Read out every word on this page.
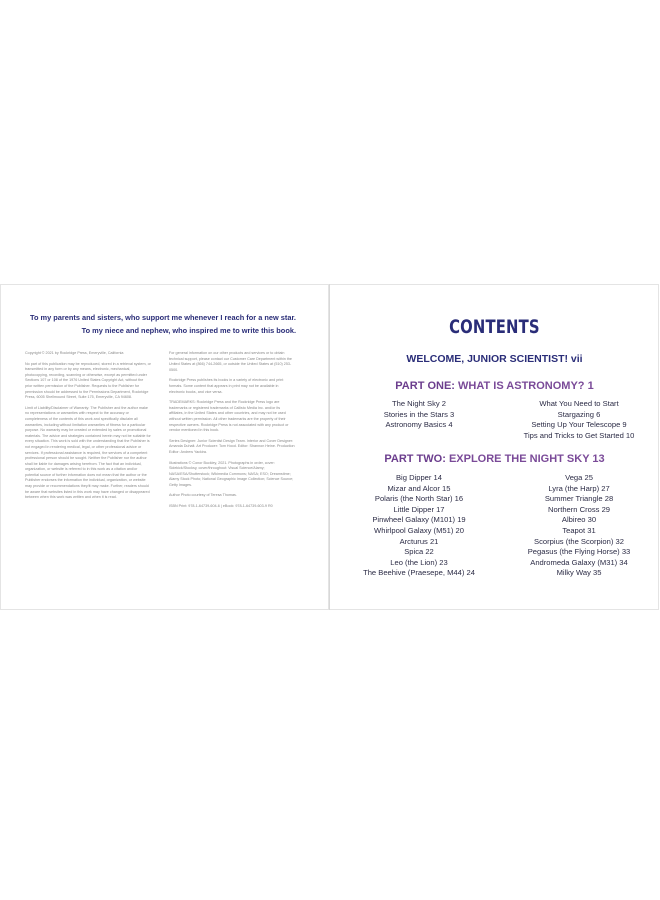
To my parents and sisters, who support me whenever I reach for a new star. To my niece and nephew, who inspired me to write this book.
Copyright © 2021 by Rockridge Press, Emeryville, California
No part of this publication may be reproduced, stored in a retrieval system, or transmitted in any form or by any means, electronic, mechanical, photocopying, recording, scanning or otherwise, except as permitted under Sections 107 or 108 of the 1976 United States Copyright Act, without the prior written permission of the Publisher. Requests to the Publisher for permission should be addressed to the Permissions Department, Rockridge Press, 6005 Shellmound Street, Suite 175, Emeryville, CA 94608.
Limit of Liability/Disclaimer of Warranty: The Publisher and the author make no representations or warranties with respect to the accuracy or completeness of the contents of this work and specifically disclaim all warranties, including without limitation warranties of fitness for a particular purpose. No warranty may be created or extended by sales or promotional materials. The advice and strategies contained herein may not be suitable for every situation. This work is sold with the understanding that the Publisher is not engaged in rendering medical, legal, or other professional advice or services. If professional assistance is required, the services of a competent professional person should be sought. Neither the Publisher nor the author shall be liable for damages arising herefrom. The fact that an individual, organization, or website is referred to in this work as a citation and/or potential source of further information does not mean that the author or the Publisher endorses the information the individual, organization, or website may provide or recommendations they/it may make. Further, readers should be aware that websites listed in this work may have changed or disappeared between when this work was written and when it is read.
For general information on our other products and services or to obtain technical support, please contact our Customer Care Department within the United States at (866) 744-2665, or outside the United States at (510) 253-0500.
Rockridge Press publishes its books in a variety of electronic and print formats. Some content that appears in print may not be available in electronic books, and vice versa.
TRADEMARKS: Rockridge Press and the Rockridge Press logo are trademarks or registered trademarks of Callisto Media Inc. and/or its affiliates, in the United States and other countries, and may not be used without written permission. All other trademarks are the property of their respective owners. Rockridge Press is not associated with any product or vendor mentioned in this book.
Series Designer: Junior Scientist Design Team. Interior and Cover Designer: Amanda Duhalt. Art Producer: Tom Hood. Editor: Shannon Heine. Production Editor: Andrew Yackira.
Illustrations © Conor Buckley, 2021. Photographs in order, cover: Sidekick/Stocksy, cover/throughout: Visual Science/Alamy; NASA/ESA/Shutterstock; Wikimedia Commons; NASA; ESO; Dreamstime; Alamy Stock Photo; National Geographic Image Collection; Science Source; Getty Images.
Author Photo courtesy of Teresa Thomas.
ISBN Print: 978-1-64739-604-6 | eBook: 978-1-64739-603-9 R0
CONTENTS
WELCOME, JUNIOR SCIENTIST! vii
PART ONE: WHAT IS ASTRONOMY? 1
The Night Sky 2
Stories in the Stars 3
Astronomy Basics 4
What You Need to Start
Stargazing 6
Setting Up Your Telescope 9
Tips and Tricks to Get Started 10
PART TWO: EXPLORE THE NIGHT SKY 13
Big Dipper 14
Mizar and Alcor 15
Polaris (the North Star) 16
Little Dipper 17
Pinwheel Galaxy (M101) 19
Whirlpool Galaxy (M51) 20
Arcturus 21
Spica 22
Leo (the Lion) 23
The Beehive (Praesepe, M44) 24
Vega 25
Lyra (the Harp) 27
Summer Triangle 28
Northern Cross 29
Albireo 30
Teapot 31
Scorpius (the Scorpion) 32
Pegasus (the Flying Horse) 33
Andromeda Galaxy (M31) 34
Milky Way 35
